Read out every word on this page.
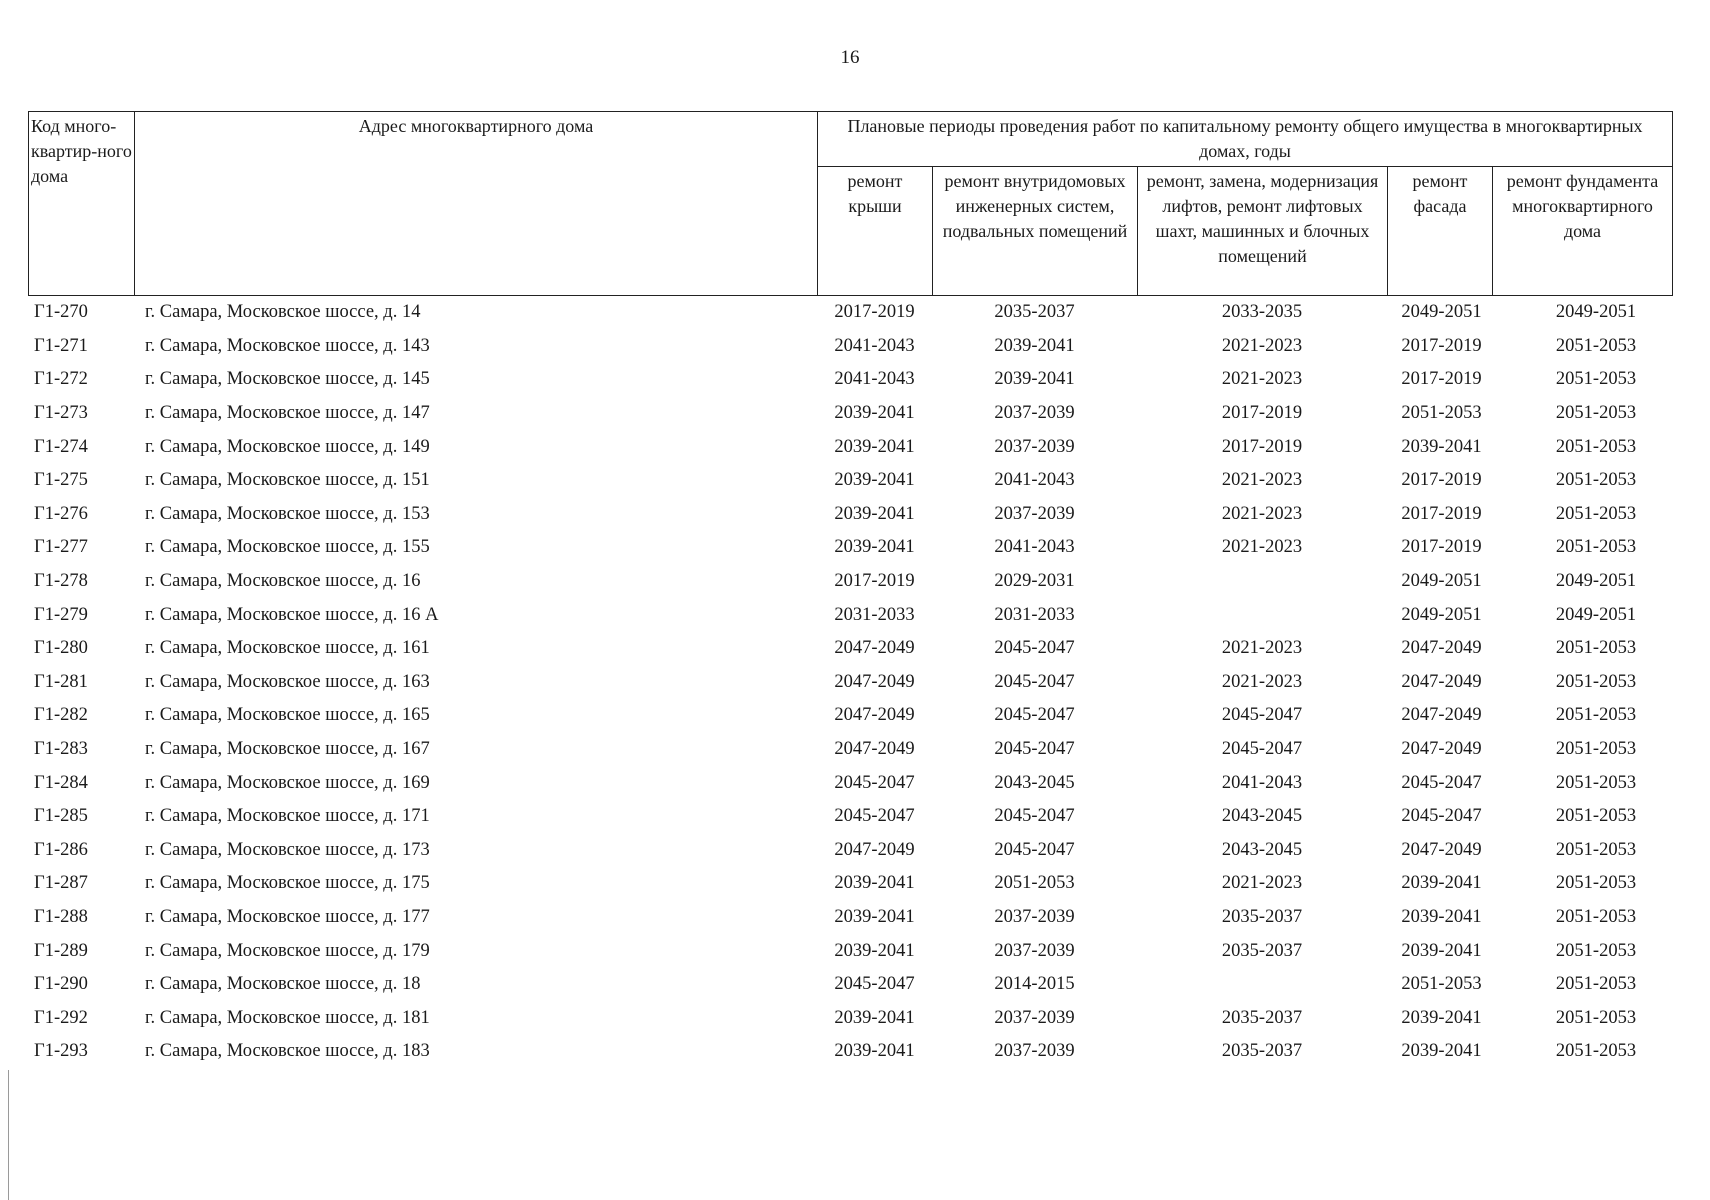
16
Код много-квартир-ного дома	Адрес многоквартирного дома	Плановые периоды проведения работ по капитальному ремонту общего имущества в многоквартирных домах, годы				
		ремонт крыши	ремонт внутридомовых инженерных систем, подвальных помещений	ремонт, замена, модернизация лифтов, ремонт лифтовых шахт, машинных и блочных помещений	ремонт фасада	ремонт фундамента многоквартирного дома
Г1-270	г. Самара, Московское шоссе, д. 14	2017-2019	2035-2037	2033-2035	2049-2051	2049-2051
Г1-271	г. Самара, Московское шоссе, д. 143	2041-2043	2039-2041	2021-2023	2017-2019	2051-2053
Г1-272	г. Самара, Московское шоссе, д. 145	2041-2043	2039-2041	2021-2023	2017-2019	2051-2053
Г1-273	г. Самара, Московское шоссе, д. 147	2039-2041	2037-2039	2017-2019	2051-2053	2051-2053
Г1-274	г. Самара, Московское шоссе, д. 149	2039-2041	2037-2039	2017-2019	2039-2041	2051-2053
Г1-275	г. Самара, Московское шоссе, д. 151	2039-2041	2041-2043	2021-2023	2017-2019	2051-2053
Г1-276	г. Самара, Московское шоссе, д. 153	2039-2041	2037-2039	2021-2023	2017-2019	2051-2053
Г1-277	г. Самара, Московское шоссе, д. 155	2039-2041	2041-2043	2021-2023	2017-2019	2051-2053
Г1-278	г. Самара, Московское шоссе, д. 16	2017-2019	2029-2031		2049-2051	2049-2051
Г1-279	г. Самара, Московское шоссе, д. 16 А	2031-2033	2031-2033		2049-2051	2049-2051
Г1-280	г. Самара, Московское шоссе, д. 161	2047-2049	2045-2047	2021-2023	2047-2049	2051-2053
Г1-281	г. Самара, Московское шоссе, д. 163	2047-2049	2045-2047	2021-2023	2047-2049	2051-2053
Г1-282	г. Самара, Московское шоссе, д. 165	2047-2049	2045-2047	2045-2047	2047-2049	2051-2053
Г1-283	г. Самара, Московское шоссе, д. 167	2047-2049	2045-2047	2045-2047	2047-2049	2051-2053
Г1-284	г. Самара, Московское шоссе, д. 169	2045-2047	2043-2045	2041-2043	2045-2047	2051-2053
Г1-285	г. Самара, Московское шоссе, д. 171	2045-2047	2045-2047	2043-2045	2045-2047	2051-2053
Г1-286	г. Самара, Московское шоссе, д. 173	2047-2049	2045-2047	2043-2045	2047-2049	2051-2053
Г1-287	г. Самара, Московское шоссе, д. 175	2039-2041	2051-2053	2021-2023	2039-2041	2051-2053
Г1-288	г. Самара, Московское шоссе, д. 177	2039-2041	2037-2039	2035-2037	2039-2041	2051-2053
Г1-289	г. Самара, Московское шоссе, д. 179	2039-2041	2037-2039	2035-2037	2039-2041	2051-2053
Г1-290	г. Самара, Московское шоссе, д. 18	2045-2047	2014-2015		2051-2053	2051-2053
Г1-292	г. Самара, Московское шоссе, д. 181	2039-2041	2037-2039	2035-2037	2039-2041	2051-2053
Г1-293	г. Самара, Московское шоссе, д. 183	2039-2041	2037-2039	2035-2037	2039-2041	2051-2053
